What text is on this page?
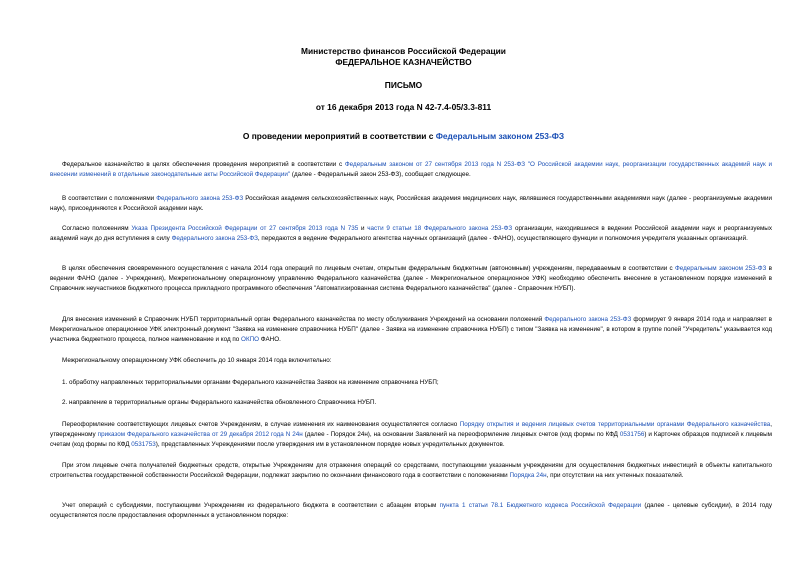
Министерство финансов Российской Федерации
ФЕДЕРАЛЬНОЕ КАЗНАЧЕЙСТВО
ПИСЬМО
от 16 декабря 2013 года N 42-7.4-05/3.3-811
О проведении мероприятий в соответствии с Федеральным законом 253-ФЗ

Федеральное казначейство в целях обеспечения проведения мероприятий в соответствии с Федеральным законом от 27 сентября 2013 года N 253-ФЗ "О Российской академии наук, реорганизации государственных академий наук и внесении изменений в отдельные законодательные акты Российской Федерации" (далее - Федеральный закон 253-ФЗ), сообщает следующее.

В соответствии с положениями Федерального закона 253-ФЗ Российская академия сельскохозяйственных наук, Российская академия медицинских наук, являвшиеся государственными академиями наук (далее - реорганизуемые академии наук), присоединяются к Российской академии наук.

Согласно положениям Указа Президента Российской Федерации от 27 сентября 2013 года N 735 и части 9 статьи 18 Федерального закона 253-ФЗ организации, находившиеся в ведении Российской академии наук и реорганизуемых академий наук до дня вступления в силу Федерального закона 253-ФЗ, передаются в ведение Федерального агентства научных организаций (далее - ФАНО), осуществляющего функции и полномочия учредителя указанных организаций.

В целях обеспечения своевременного осуществления с начала 2014 года операций по лицевым счетам, открытым федеральным бюджетным (автономным) учреждениям, передаваемым в соответствии с Федеральным законом 253-ФЗ в ведении ФАНО (далее - Учреждения), Межрегиональному операционному управлению Федерального казначейства (далее - Межрегиональное операционное УФК) необходимо обеспечить внесение в установленном порядке изменений в Справочник неучастников бюджетного процесса прикладного программного обеспечения "Автоматизированная система Федерального казначейства" (далее - Справочник НУБП).

Для внесения изменений в Справочник НУБП территориальный орган Федерального казначейства по месту обслуживания Учреждений на основании положений Федерального закона 253-ФЗ формирует 9 января 2014 года и направляет в Межрегиональное операционное УФК электронный документ "Заявка на изменение справочника НУБП" (далее - Заявка на изменение справочника НУБП) с типом "Заявка на изменение", в котором в группе полей "Учредитель" указывается код участника бюджетного процесса, полное наименование и код по ОКПО ФАНО.

Межрегиональному операционному УФК обеспечить до 10 января 2014 года включительно:

1. обработку направленных территориальными органами Федерального казначейства Заявок на изменение справочника НУБП;

2. направление в территориальные органы Федерального казначейства обновленного Справочника НУБП.

Переоформление соответствующих лицевых счетов Учреждениям, в случае изменения их наименования осуществляется согласно Порядку открытия и ведения лицевых счетов территориальными органами Федерального казначейства, утвержденному приказом Федерального казначейства от 29 декабря 2012 года N 24н (далее - Порядок 24н), на основании Заявлений на переоформление лицевых счетов (код формы по КФД 0531756) и Карточек образцов подписей к лицевым счетам (код формы по КФД 0531753), представленных Учреждениями после утверждения им в установленном порядке новых учредительных документов.

При этом лицевые счета получателей бюджетных средств, открытые Учреждениям для отражения операций со средствами, поступающими указанным учреждениям для осуществления бюджетных инвестиций в объекты капитального строительства государственной собственности Российской Федерации, подлежат закрытию по окончании финансового года в соответствии с положениями Порядка 24н, при отсутствии на них учтенных показателей.

Учет операций с субсидиями, поступающими Учреждениям из федерального бюджета в соответствии с абзацем вторым пункта 1 статьи 78.1 Бюджетного кодекса Российской Федерации (далее - целевые субсидии), в 2014 году осуществляется после предоставления оформленных в установленном порядке:
